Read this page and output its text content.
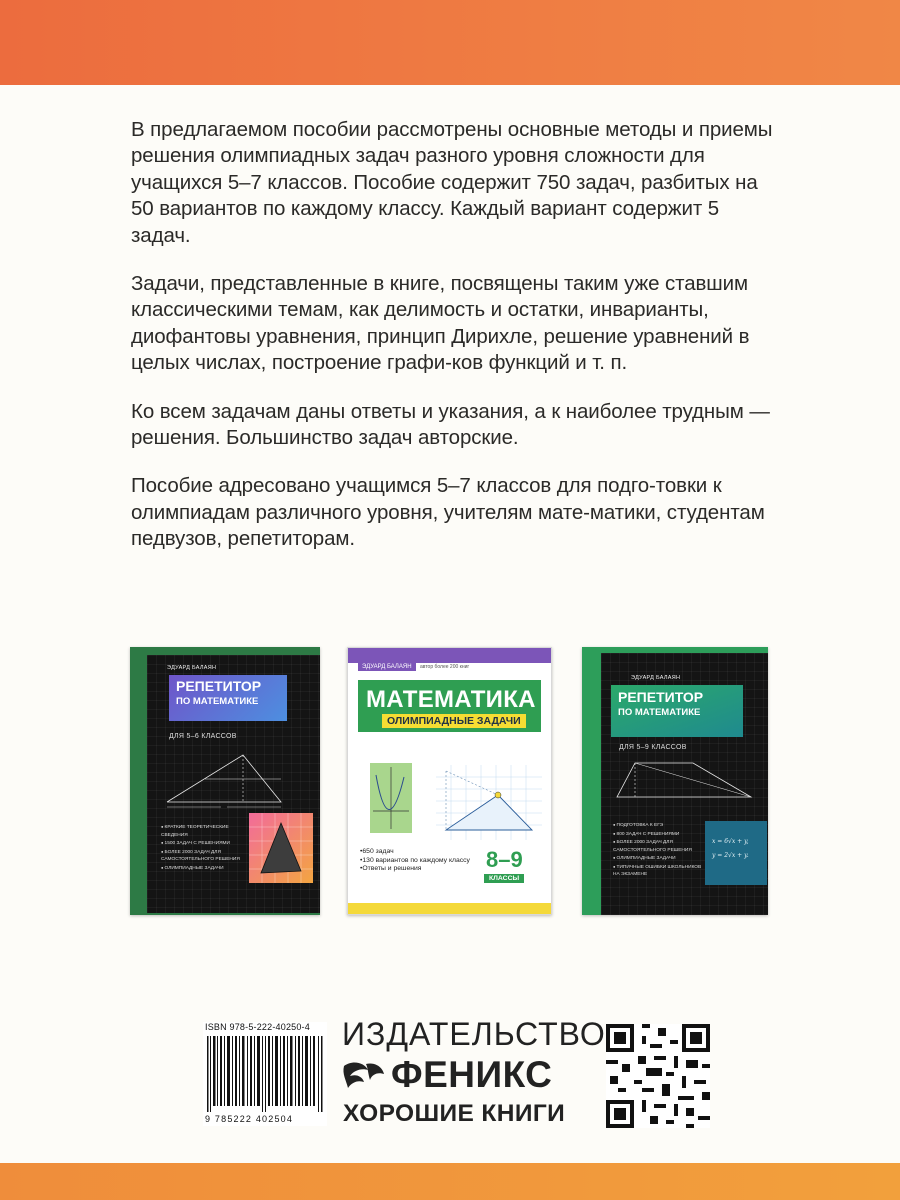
В предлагаемом пособии рассмотрены основные методы и приемы решения олимпиадных задач разного уровня сложности для учащихся 5–7 классов. Пособие содержит 750 задач, разбитых на 50 вариантов по каждому классу. Каждый вариант содержит 5 задач.

Задачи, представленные в книге, посвящены таким уже ставшим классическими темам, как делимость и остатки, инварианты, диофантовы уравнения, принцип Дирихле, решение уравнений в целых числах, построение графи-ков функций и т. п.

Ко всем задачам даны ответы и указания, а к наиболее трудным — решения. Большинство задач авторские.

Пособие адресовано учащимся 5–7 классов для подго-товки к олимпиадам различного уровня, учителям мате-матики, студентам педвузов, репетиторам.

ЭДУАРД БАЛАЯН
РЕПЕТИТОР
ПО МАТЕМАТИКЕ
ДЛЯ 5–6 КЛАССОВ
● КРАТКИЕ ТЕОРЕТИЧЕСКИЕ СВЕДЕНИЯ
● 1500 ЗАДАЧ С РЕШЕНИЯМИ
● БОЛЕЕ 2000 ЗАДАЧ ДЛЯ САМОСТОЯТЕЛЬНОГО РЕШЕНИЯ
● ОЛИМПИАДНЫЕ ЗАДАЧИ
ЭДУАРД БАЛАЯН	автор более 200 книг
МАТЕМАТИКА
ОЛИМПИАДНЫЕ ЗАДАЧИ
• 650 задач
• 130 вариантов по каждому классу
• Ответы и решения	8–9
КЛАССЫ
ЭДУАРД БАЛАЯН
РЕПЕТИТОР
ПО МАТЕМАТИКЕ
ДЛЯ 5–9 КЛАССОВ
● ПОДГОТОВКА К ЕГЭ
● 800 ЗАДАЧ С РЕШЕНИЯМИ
● БОЛЕЕ 2000 ЗАДАЧ ДЛЯ САМОСТОЯТЕЛЬНОГО РЕШЕНИЯ
● ОЛИМПИАДНЫЕ ЗАДАЧИ
● ТИПИЧНЫЕ ОШИБКИ ШКОЛЬНИКОВ НА ЭКЗАМЕНЕ
x = 6√x + y,
y = 2√x + y.
ISBN 978-5-222-40250-4
9 785222 402504
ИЗДАТЕЛЬСТВО
ФЕНИКС
ХОРОШИЕ КНИГИ
